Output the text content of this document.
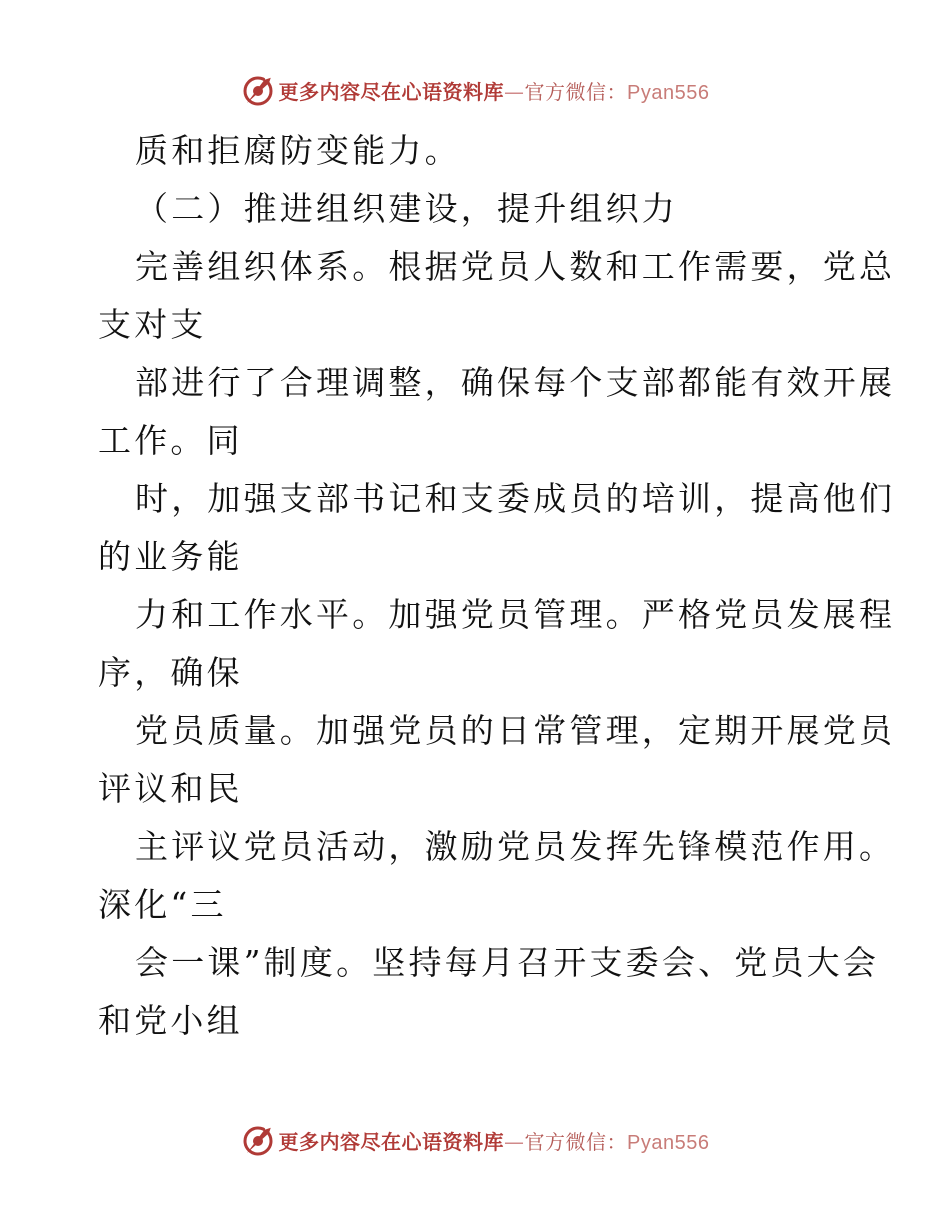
更多内容尽在心语资料库—官方微信：Pyan556
质和拒腐防变能力。
（二）推进组织建设，提升组织力
完善组织体系。根据党员人数和工作需要，党总
支对支
部进行了合理调整，确保每个支部都能有效开展
工作。同
时，加强支部书记和支委成员的培训，提高他们
的业务能
力和工作水平。加强党员管理。严格党员发展程
序，确保
党员质量。加强党员的日常管理，定期开展党员
评议和民
主评议党员活动，激励党员发挥先锋模范作用。
深化“三
会一课”制度。坚持每月召开支委会、党员大会
和党小组
更多内容尽在心语资料库—官方微信：Pyan556
